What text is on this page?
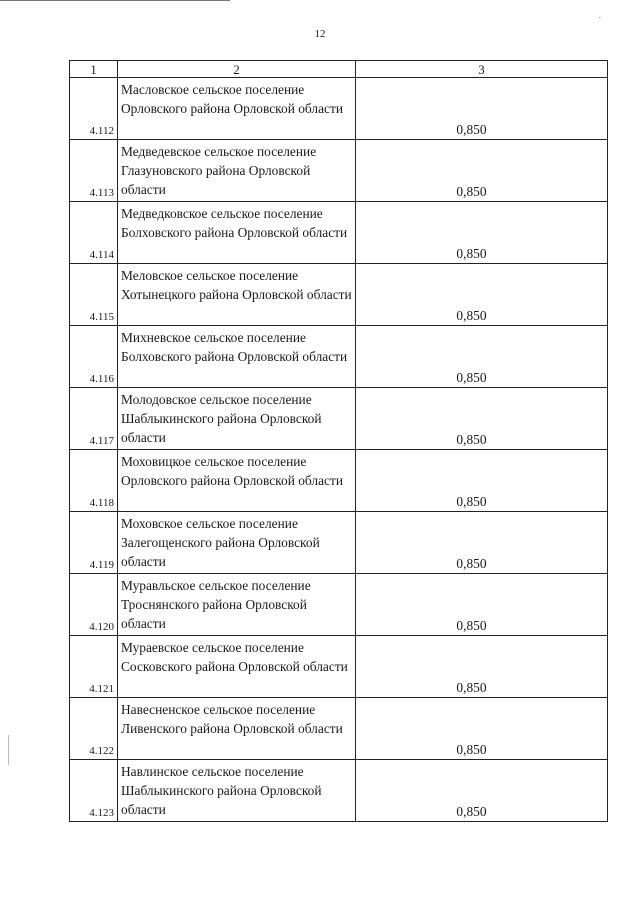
·
12
1	2	3
4.112	Масловское сельское поселение Орловского района Орловской области	0,850
4.113	Медведевское сельское поселение Глазуновского района Орловской области	0,850
4.114	Медведковское сельское поселение Болховского района Орловской области	0,850
4.115	Меловское сельское поселение Хотынецкого района Орловской области	0,850
4.116	Михневское сельское поселение Болховского района Орловской области	0,850
4.117	Молодовское сельское поселение Шаблыкинского района Орловской области	0,850
4.118	Моховицкое сельское поселение Орловского района Орловской области	0,850
4.119	Моховское сельское поселение Залегощенского района Орловской области	0,850
4.120	Муравльское сельское поселение Троснянского района Орловской области	0,850
4.121	Мураевское сельское поселение Сосковского района Орловской области	0,850
4.122	Навесненское сельское поселение Ливенского района Орловской области	0,850
4.123	Навлинское сельское поселение Шаблыкинского района Орловской области	0,850
